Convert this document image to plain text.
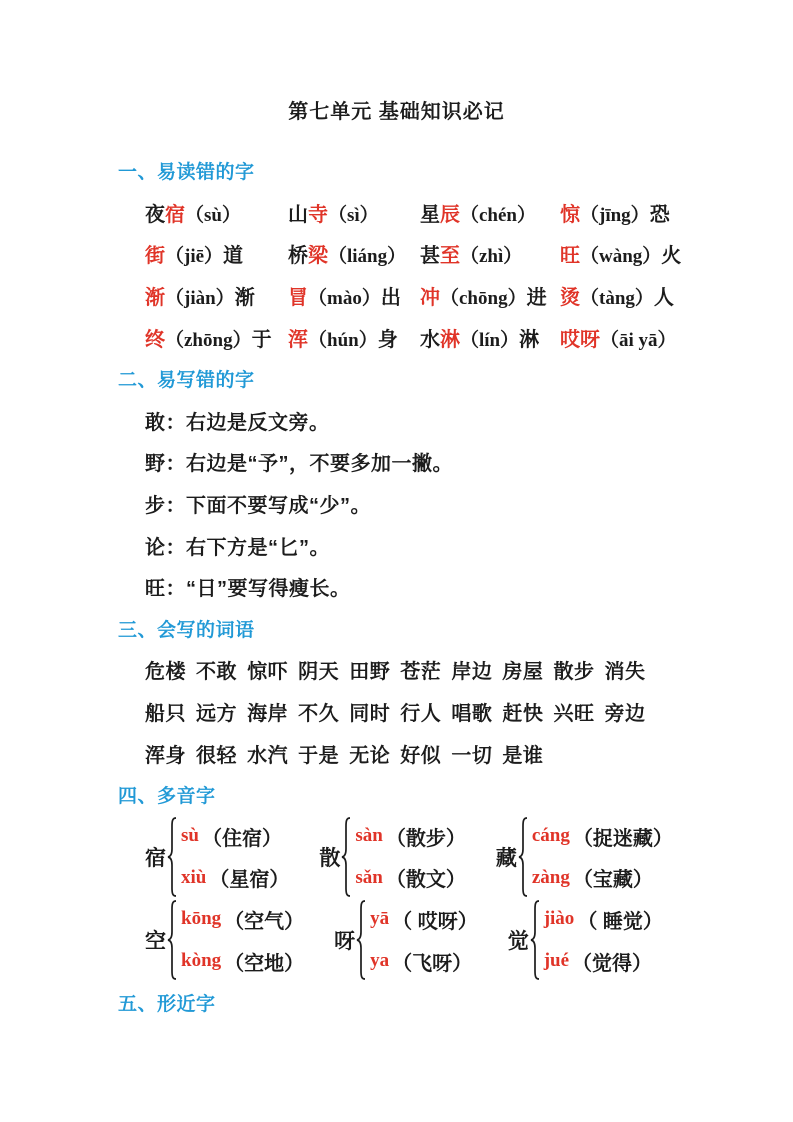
第七单元 基础知识必记
一、易读错的字
夜宿（sù）	山寺（sì）	星辰（chén）	惊（jīng）恐
街（jiē）道	桥梁（liáng） 甚至（zhì）	旺（wàng）火
渐（jiàn）渐	冒（mào）出 冲（chōng）进 烫（tàng）人
终（zhōng）于 浑（hún）身	水淋（lín）淋	哎呀（āi yā）
二、易写错的字
敢：右边是反文旁。
野：右边是“予”，不要多加一撇。
步：下面不要写成“少”。
论：右下方是“匕”。
旺：“日”要写得瘦长。
三、会写的词语
危楼 不敢 惊吓 阴天 田野 苍茫 岸边 房屋 散步 消失
船只 远方 海岸 不久 同时 行人 唱歌 赶快 兴旺 旁边
浑身 很轻 水汽 于是 无论 好似 一切 是谁
四、多音字
宿
sù （住宿）
xiù （星宿）
散
sàn （散步）
sǎn （散文）
藏
cáng （捉迷藏）
zàng （宝藏）
空
kōng （空气）
kòng （空地）
呀
yā （ 哎呀）
ya （飞呀）
觉
jiào （ 睡觉）
jué （觉得）
五、形近字
